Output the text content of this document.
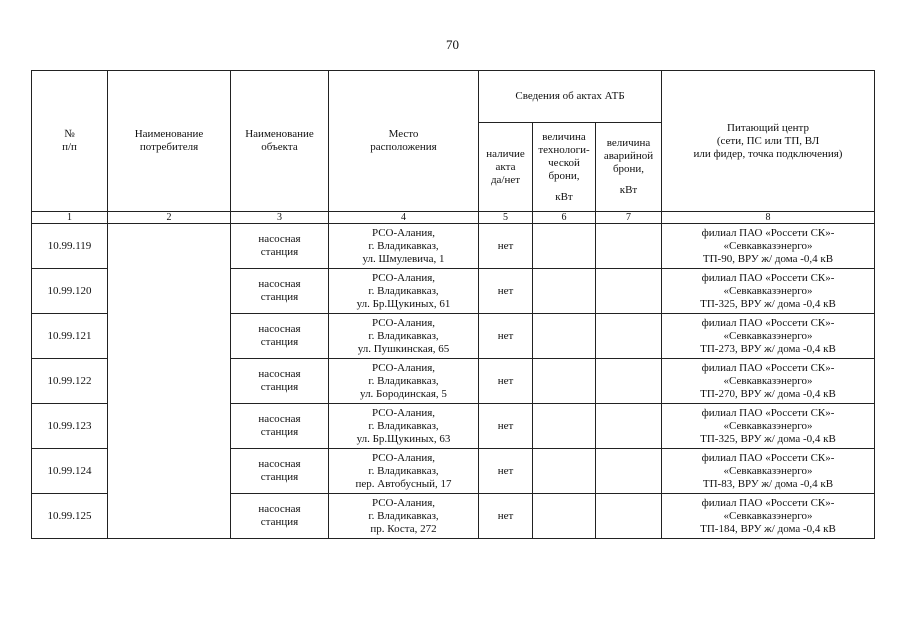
70
№
п/п	Наименование
потребителя	Наименование
объекта	Место
расположения	Сведения об актах АТБ			Питающий центр
(сети, ПС или ТП, ВЛ
или фидер, точка подключения)
				наличие
акта
да/нет	величина технологи- ческой брони,
кВт	величина аварийной брони,
кВт	

1	2	3	4	5	6	7	8
10.99.119		насосная
станция	РСО-Алания,
г. Владикавказ,
ул. Шмулевича, 1	нет			филиал ПАО «Россети СК»-
«Севкавказэнерго»
ТП-90, ВРУ ж/ дома -0,4 кВ
10.99.120		насосная
станция	РСО-Алания,
г. Владикавказ,
ул. Бр.Щукиных, 61	нет			филиал ПАО «Россети СК»-
«Севкавказэнерго»
ТП-325, ВРУ ж/ дома -0,4 кВ
10.99.121		насосная
станция	РСО-Алания,
г. Владикавказ,
ул. Пушкинская, 65	нет			филиал ПАО «Россети СК»-
«Севкавказэнерго»
ТП-273, ВРУ ж/ дома -0,4 кВ
10.99.122		насосная
станция	РСО-Алания,
г. Владикавказ,
ул. Бородинская, 5	нет			филиал ПАО «Россети СК»-
«Севкавказэнерго»
ТП-270, ВРУ ж/ дома -0,4 кВ
10.99.123		насосная
станция	РСО-Алания,
г. Владикавказ,
ул. Бр.Щукиных, 63	нет			филиал ПАО «Россети СК»-
«Севкавказэнерго»
ТП-325, ВРУ ж/ дома -0,4 кВ
10.99.124		насосная
станция	РСО-Алания,
г. Владикавказ,
пер. Автобусный, 17	нет			филиал ПАО «Россети СК»-
«Севкавказэнерго»
ТП-83, ВРУ ж/ дома -0,4 кВ
10.99.125		насосная
станция	РСО-Алания,
г. Владикавказ,
пр. Коста, 272	нет			филиал ПАО «Россети СК»-
«Севкавказэнерго»
ТП-184, ВРУ ж/ дома -0,4 кВ
